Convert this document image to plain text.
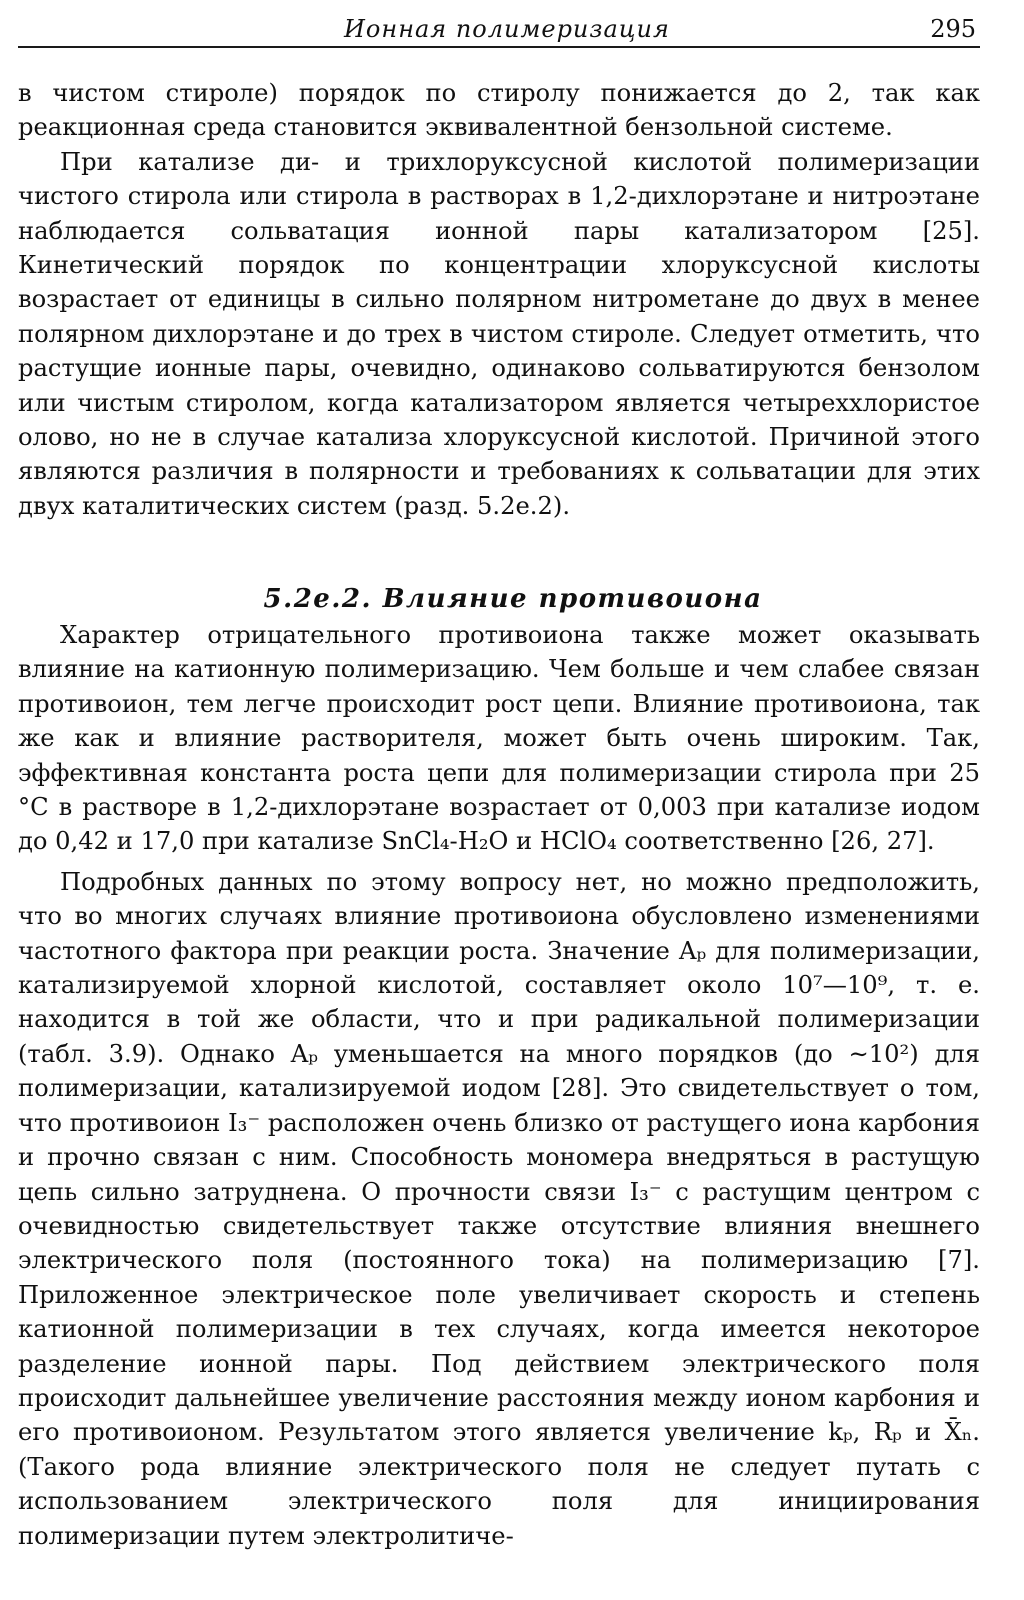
Ионная полимеризация	295

в чистом стироле) порядок по стиролу понижается до 2, так как реакционная среда становится эквивалентной бензольной системе.

При катализе ди- и трихлоруксусной кислотой полимеризации чистого стирола или стирола в растворах в 1,2-дихлорэтане и нитроэтане наблюдается сольватация ионной пары катализатором [25]. Кинетический порядок по концентрации хлоруксусной кислоты возрастает от единицы в сильно полярном нитрометане до двух в менее полярном дихлорэтане и до трех в чистом стироле. Следует отметить, что растущие ионные пары, очевидно, одинаково сольватируются бензолом или чистым стиролом, когда катализатором является четыреххлористое олово, но не в случае катализа хлоруксусной кислотой. Причиной этого являются различия в полярности и требованиях к сольватации для этих двух каталитических систем (разд. 5.2е.2).

5.2е.2. Влияние противоиона

Характер отрицательного противоиона также может оказывать влияние на катионную полимеризацию. Чем больше и чем слабее связан противоион, тем легче происходит рост цепи. Влияние противоиона, так же как и влияние растворителя, может быть очень широким. Так, эффективная константа роста цепи для полимеризации стирола при 25 °С в растворе в 1,2-дихлорэтане возрастает от 0,003 при катализе иодом до 0,42 и 17,0 при катализе SnCl₄-H₂O и HClO₄ соответственно [26, 27].

Подробных данных по этому вопросу нет, но можно предположить, что во многих случаях влияние противоиона обусловлено изменениями частотного фактора при реакции роста. Значение Aₚ для полимеризации, катализируемой хлорной кислотой, составляет около 10⁷—10⁹, т. е. находится в той же области, что и при радикальной полимеризации (табл. 3.9). Однако Aₚ уменьшается на много порядков (до ∼10²) для полимеризации, катализируемой иодом [28]. Это свидетельствует о том, что противоион I₃⁻ расположен очень близко от растущего иона карбония и прочно связан с ним. Способность мономера внедряться в растущую цепь сильно затруднена. О прочности связи I₃⁻ с растущим центром с очевидностью свидетельствует также отсутствие влияния внешнего электрического поля (постоянного тока) на полимеризацию [7]. Приложенное электрическое поле увеличивает скорость и степень катионной полимеризации в тех случаях, когда имеется некоторое разделение ионной пары. Под действием электрического поля происходит дальнейшее увеличение расстояния между ионом карбония и его противоионом. Результатом этого является увеличение kₚ, Rₚ и X̄ₙ. (Такого рода влияние электрического поля не следует путать с использованием электрического поля для инициирования полимеризации путем электролитиче-
